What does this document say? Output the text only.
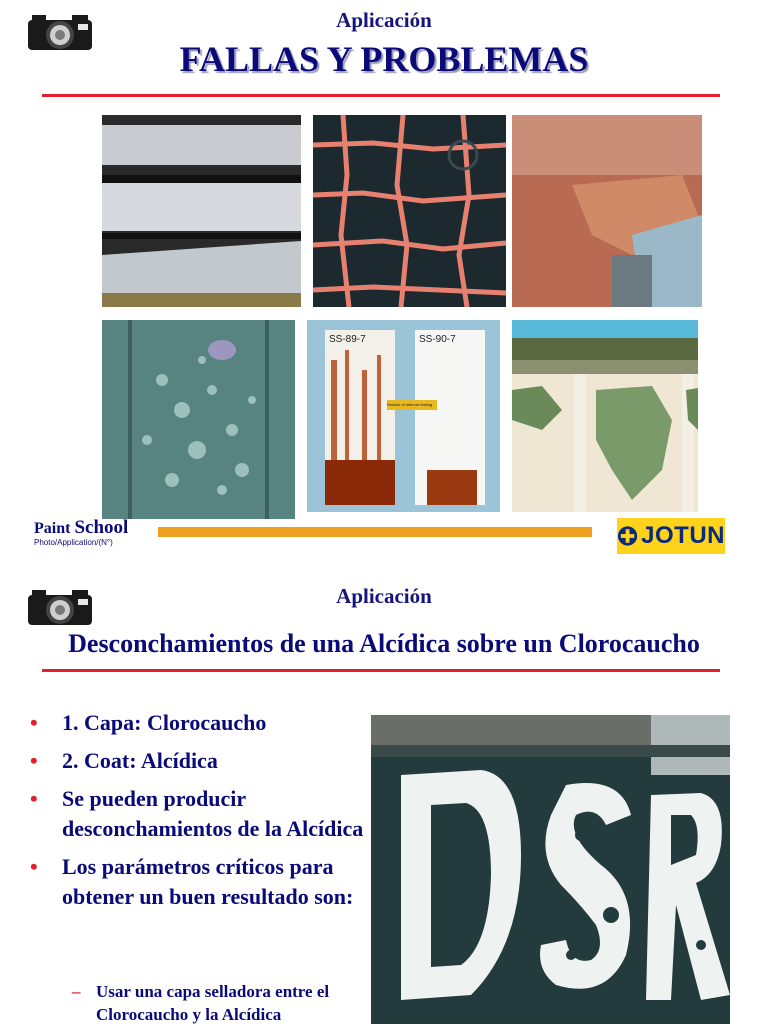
Aplicación
FALLAS Y PROBLEMAS
SS-89-7	SS-90-7
Results of intercar testing
Paint School
Photo/Application/(N°)	JOTUN
Aplicación
Desconchamientos de una Alcídica sobre un Clorocaucho
• 1. Capa: Clorocaucho
• 2. Coat: Alcídica
• Se pueden producir desconchamientos de la Alcídica
• Los parámetros críticos para obtener un buen resultado son:
– Usar una capa selladora entre el Clorocaucho y la Alcídica
